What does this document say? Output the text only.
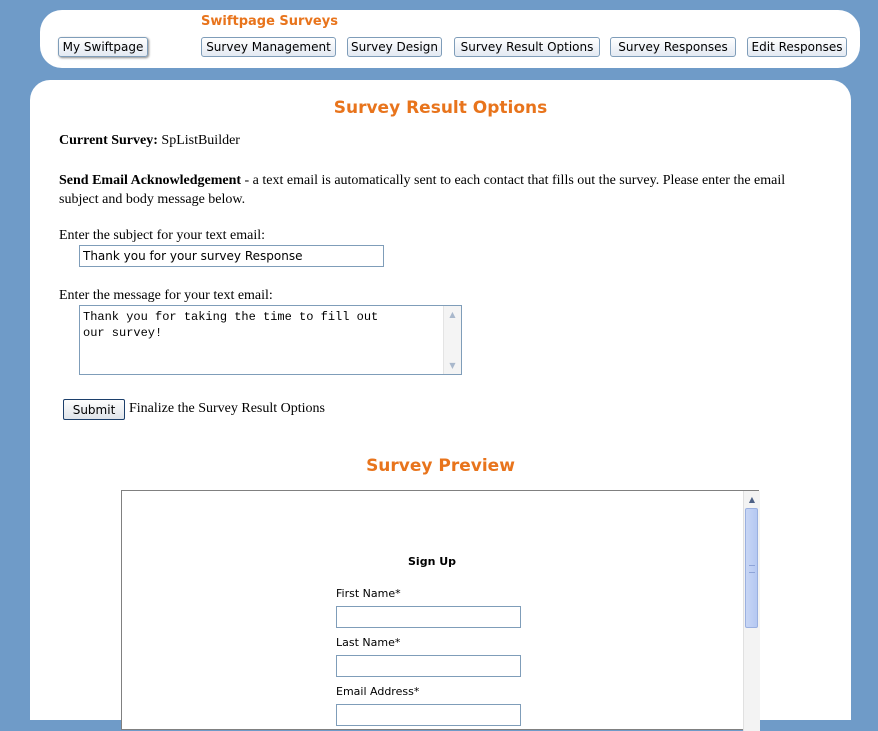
Swiftpage Surveys
My Swiftpage	Survey Management	Survey Design	Survey Result Options	Survey Responses	Edit Responses
Survey Result Options
Current Survey: SpListBuilder
Send Email Acknowledgement - a text email is automatically sent to each contact that fills out the survey. Please enter the email subject and body message below.
Enter the subject for your text email:
Thank you for your survey Response
Enter the message for your text email:
Thank you for taking the time to fill out our survey!
▲
▼
Submit Finalize the Survey Result Options
Survey Preview
Sign Up
First Name*
Last Name*
Email Address*
▲
